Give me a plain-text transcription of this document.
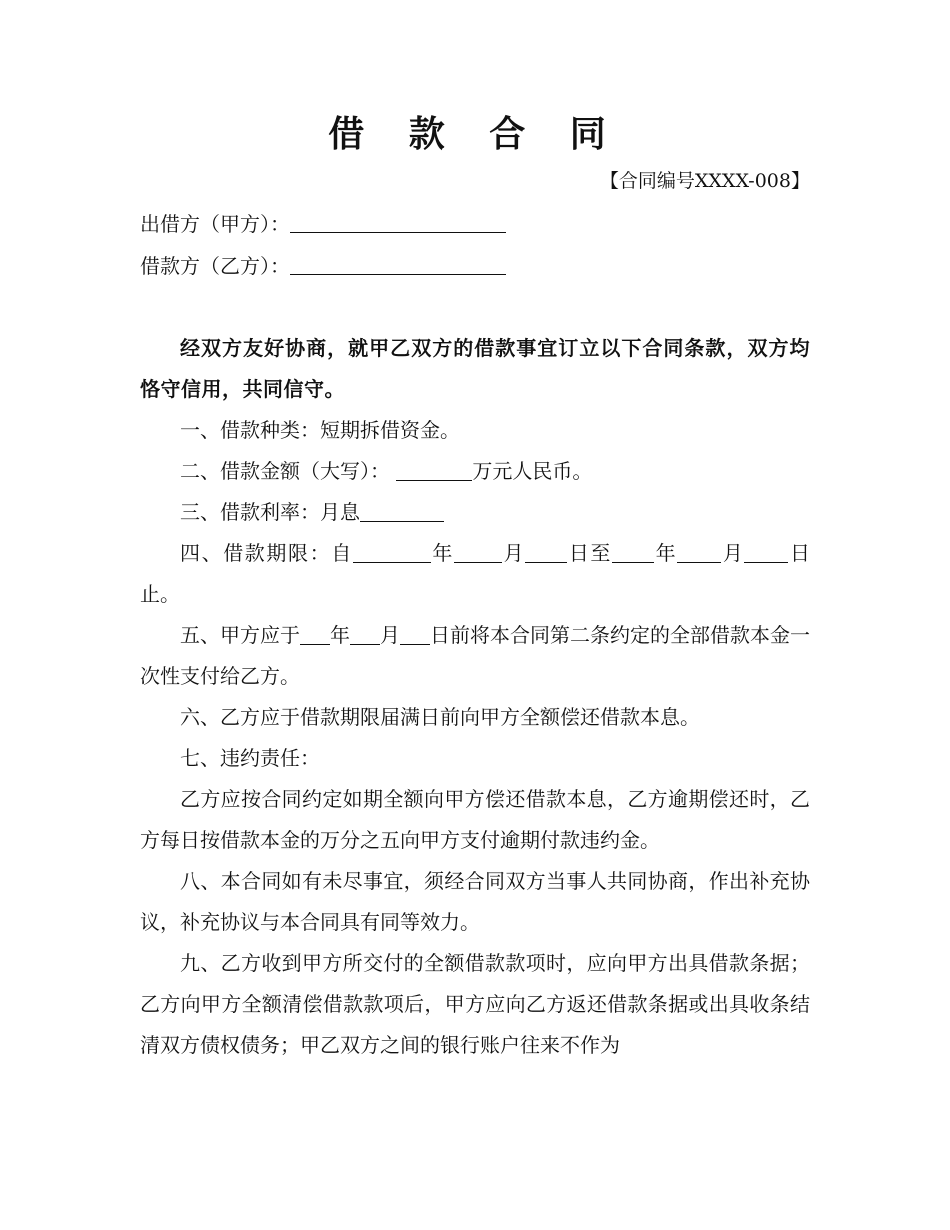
借 款 合 同
【合同编号XXXX-008】
出借方（甲方）：
借款方（乙方）：

经双方友好协商，就甲乙双方的借款事宜订立以下合同条款，双方均恪守信用，共同信守。

一、借款种类：短期拆借资金。

二、借款金额（大写）：	万元人民币。

三、借款利率：月息

四、借款期限：自	年 月 日至 年 月 日止。

五、甲方应于 年 月 日前将本合同第二条约定的全部借款本金一次性支付给乙方。

六、乙方应于借款期限届满日前向甲方全额偿还借款本息。

七、违约责任：

乙方应按合同约定如期全额向甲方偿还借款本息，乙方逾期偿还时，乙方每日按借款本金的万分之五向甲方支付逾期付款违约金。

八、本合同如有未尽事宜，须经合同双方当事人共同协商，作出补充协议，补充协议与本合同具有同等效力。

九、乙方收到甲方所交付的全额借款款项时，应向甲方出具借款条据；乙方向甲方全额清偿借款款项后，甲方应向乙方返还借款条据或出具收条结清双方债权债务；甲乙双方之间的银行账户往来不作为
